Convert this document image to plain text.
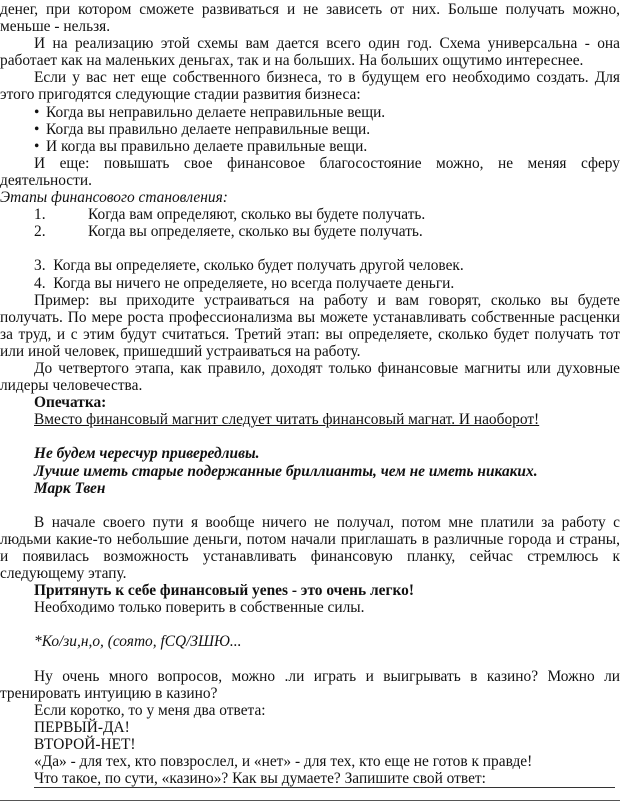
денег, при котором сможете развиваться и не зависеть от них. Больше получать можно, меньше - нельзя.

И на реализацию этой схемы вам дается всего один год. Схема универсальна - она работает как на маленьких деньгах, так и на больших. На больших ощутимо интереснее.

Если у вас нет еще собственного бизнеса, то в будущем его необходимо создать. Для этого пригодятся следующие стадии развития бизнеса:

• Когда вы неправильно делаете неправильные вещи.

• Когда вы правильно делаете неправильные вещи.

• И когда вы правильно делаете правильные вещи.

И еще: повышать свое финансовое благосостояние можно, не меняя сферу деятельности.

Этапы финансового становления:

1.	Когда вам определяют, сколько вы будете получать.

2.	Когда вы определяете, сколько вы будете получать.

3.  Когда вы определяете, сколько будет получать другой человек.

4.  Когда вы ничего не определяете, но всегда получаете деньги.

Пример: вы приходите устраиваться на работу и вам говорят, сколько вы будете получать. По мере роста профессионализма вы можете устанавливать собственные расценки за труд, и с этим будут считаться. Третий этап: вы определяете, сколько будет получать тот или иной человек, пришедший устраиваться на работу.

До четвертого этапа, как правило, доходят только финансовые магниты или духовные лидеры человечества.

Опечатка:

Вместо финансовый магнит следует читать финансовый магнат. И наоборот!

Не будем чересчур привередливы.

Лучше иметь старые подержанные бриллианты, чем не иметь никаких.

Марк Твен

В начале своего пути я вообще ничего не получал, потом мне платили за работу с людьми какие-то небольшие деньги, потом начали приглашать в различные города и страны, и появилась возможность устанавливать финансовую планку, сейчас стремлюсь к следующему этапу.

Притянуть к себе финансовый yenes - это очень легко!

Необходимо только поверить в собственные силы.

*Ко/зи,н,о, (соято, fCQ/ЗШЮ...

Ну очень много вопросов, можно .ли играть и выигрывать в казино? Можно ли тренировать интуицию в казино?

Если коротко, то у меня два ответа:

ПЕРВЫЙ-ДА!

ВТОРОЙ-НЕТ!

«Да» - для тех, кто повзрослел, и «нет» - для тех, кто еще не готов к правде!

Что такое, по сути, «казино»? Как вы думаете? Запишите свой ответ:
